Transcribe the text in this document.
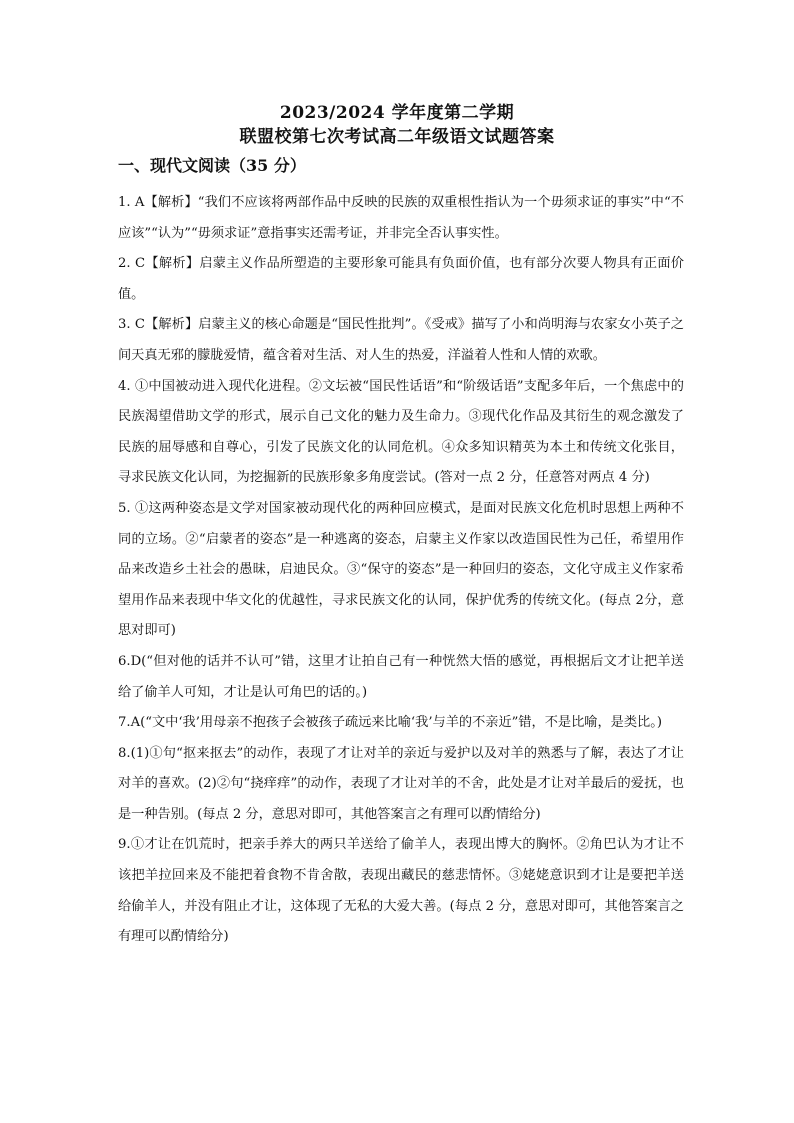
2023/2024 学年度第二学期
联盟校第七次考试高二年级语文试题答案
一、现代文阅读（35 分）

1. A【解析】“我们不应该将两部作品中反映的民族的双重根性指认为一个毋须求证的事实”中“不应该”“认为”“毋须求证”意指事实还需考证，并非完全否认事实性。

2. C【解析】启蒙主义作品所塑造的主要形象可能具有负面价值，也有部分次要人物具有正面价值。

3. C【解析】启蒙主义的核心命题是“国民性批判”。《受戒》描写了小和尚明海与农家女小英子之间天真无邪的朦胧爱情，蕴含着对生活、对人生的热爱，洋溢着人性和人情的欢歌。

4. ①中国被动进入现代化进程。②文坛被“国民性话语”和“阶级话语”支配多年后，一个焦虑中的民族渴望借助文学的形式，展示自己文化的魅力及生命力。③现代化作品及其衍生的观念激发了民族的屈辱感和自尊心，引发了民族文化的认同危机。④众多知识精英为本土和传统文化张目，寻求民族文化认同，为挖掘新的民族形象多角度尝试。(答对一点 2 分，任意答对两点 4 分)

5. ①这两种姿态是文学对国家被动现代化的两种回应模式，是面对民族文化危机时思想上两种不同的立场。②“启蒙者的姿态”是一种逃离的姿态，启蒙主义作家以改造国民性为己任，希望用作品来改造乡土社会的愚昧，启迪民众。③“保守的姿态”是一种回归的姿态，文化守成主义作家希望用作品来表现中华文化的优越性，寻求民族文化的认同，保护优秀的传统文化。(每点 2分，意思对即可)

6.D(“但对他的话并不认可”错，这里才让拍自己有一种恍然大悟的感觉，再根据后文才让把羊送给了偷羊人可知，才让是认可角巴的话的。)

7.A(“文中‘我’用母亲不抱孩子会被孩子疏远来比喻‘我’与羊的不亲近”错，不是比喻，是类比。)

8.(1)①句“抠来抠去”的动作，表现了才让对羊的亲近与爱护以及对羊的熟悉与了解，表达了才让对羊的喜欢。(2)②句“挠痒痒”的动作，表现了才让对羊的不舍，此处是才让对羊最后的爱抚，也是一种告别。(每点 2 分，意思对即可，其他答案言之有理可以酌情给分)

9.①才让在饥荒时，把亲手养大的两只羊送给了偷羊人，表现出博大的胸怀。②角巴认为才让不该把羊拉回来及不能把着食物不肯舍散，表现出藏民的慈悲情怀。③姥姥意识到才让是要把羊送给偷羊人，并没有阻止才让，这体现了无私的大爱大善。(每点 2 分，意思对即可，其他答案言之有理可以酌情给分)
